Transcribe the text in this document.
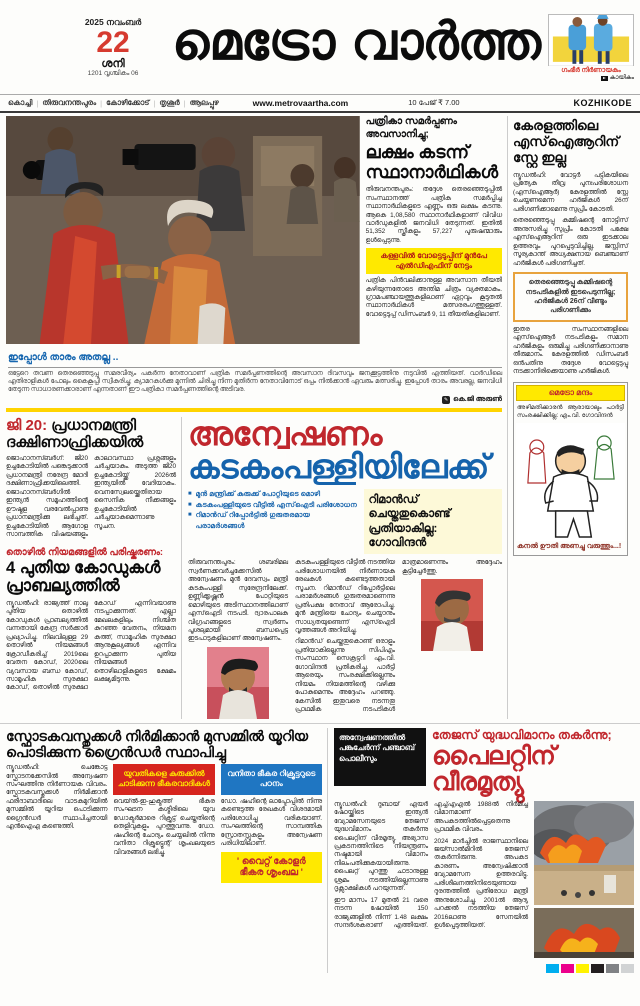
2025 നവംബർ
22
ശനി
1201 വൃശ്ചികം 06
മെട്രോ വാർത്ത	ഗംഭീർ നിർണായകം
കായികം
കൊച്ചി | തിരുവനന്തപുരം | കോഴിക്കോട് | തൃശൂർ | ആലപ്പുഴ	www.metrovaartha.com	10 പേജ് ₹ 7.00	KOZHIKODE
പത്രികാ സമർപ്പണം അവസാനിച്ചു;
ലക്ഷം കടന്ന് സ്ഥാനാർഥികൾ

തിരുവനന്തപുരം: തദ്ദേശ തെരഞ്ഞെടുപ്പിൽ സംസ്ഥാനത്ത് പത്രിക സമർപ്പിച്ച സ്ഥാനാർഥികളുടെ എണ്ണം ഒരു ലക്ഷം കടന്നു. ആകെ 1,08,580 സ്ഥാനാർഥികളാണ് വിവിധ വാർഡുകളിൽ ജനവിധി തേടുന്നത്. ഇതിൽ 51,352 സ്ത്രീകളും 57,227 പുരുഷന്മാരും ഉൾപ്പെടുന്നു.

കള്ളവിൽ വോട്ടെടുപ്പിന് മുൻപേ എൽഡിഎഫിന് നേട്ടം

പത്രിക പിൻവലിക്കാനുള്ള അവസാന തീയതി കഴിയുന്നതോടെ അന്തിമ ചിത്രം വ്യക്തമാകും. ഗ്രാമപഞ്ചായത്തുകളിലാണ് ഏറ്റവും കൂടുതൽ സ്ഥാനാർഥികൾ മത്സരരംഗത്തുള്ളത്. വോട്ടെടുപ്പ് ഡിസംബർ 9, 11 തീയതികളിലാണ്.

ഇപ്പോൾ താരം അതല്ല ..
ഒട്ടേറെ തവണ തെരഞ്ഞെടുപ്പു സമരവീര്യം പകർന്ന നേതാവാണ് പത്രിക സമർപ്പണത്തിന്റെ അവസാന ദിവസവും ജനക്കൂട്ടത്തിനു നടുവിൽ എത്തിയത്. വാർഡിലെ എതിരാളികൾ പോലും കൈകൂപ്പി സ്വീകരിച്ചു; ക്യാമറകൾക്കു മുന്നിൽ ചിരിച്ചു നിന്ന മുതിർന്ന നേതാവിനോട് ഒപ്പം നിൽക്കാൻ ഏവരും മത്സരിച്ചു. ഇപ്പോൾ താരം അവരല്ല, ജനവിധി തേടുന്ന സാധാരണക്കാരാണ് എന്നതാണ് ഈ പത്രികാ സമർപ്പണത്തിന്റെ അടിവര.
✎ കെ.ജി അരുൺ
ജി 20: പ്രധാനമന്ത്രി ദക്ഷിണാഫ്രിക്കയിൽ
ജൊഹാനസ്ബർഗ്: ജി20 ഉച്ചകോടിയിൽ പങ്കെടുക്കാൻ പ്രധാനമന്ത്രി നരേന്ദ്ര മോദി ദക്ഷിണാഫ്രിക്കയിലെത്തി. ജൊഹാനസ്ബർഗിൽ ഇന്ത്യൻ സമൂഹത്തിന്റെ ഊഷ്മള വരവേൽപ്പാണു പ്രധാനമന്ത്രിക്കു ലഭിച്ചത്. ഉച്ചകോടിയിൽ ആഗോള സാമ്പത്തിക വിഷയങ്ങളും കാലാവസ്ഥാ പ്രശ്നങ്ങളും ചർച്ചയാകും. അടുത്ത ജി20 ഉച്ചകോടിയ്ക്ക് 2026ൽ ഇന്ത്യയിൽ വേദിയാകും. വെനസ്വേലയ്ക്കെതിരായ സൈനിക നീക്കങ്ങളും ഉച്ചകോടിയിൽ ചർച്ചയാകുമെന്നാണു സൂചന.
തൊഴിൽ നിയമങ്ങളിൽ പരിഷ്കരണം:
4 പുതിയ കോഡുകൾ പ്രാബല്യത്തിൽ
ന്യൂഡൽഹി: രാജ്യത്ത് നാലു പുതിയ തൊഴിൽ കോഡുകൾ പ്രാബല്യത്തിൽ വന്നതായി കേന്ദ്ര സർക്കാർ പ്രഖ്യാപിച്ചു. നിലവിലുള്ള 29 തൊഴിൽ നിയമങ്ങൾ ക്രോഡീകരിച്ച് 2019ലെ വേതന കോഡ്, 2020ലെ വ്യവസായ ബന്ധ കോഡ്, സാമൂഹിക സുരക്ഷാ കോഡ്, തൊഴിൽ സുരക്ഷാ കോഡ് എന്നിവയാണു നടപ്പാക്കുന്നത്. എല്ലാ മേഖലകളിലും നിശ്ചിത കുറഞ്ഞ വേതനം, നിയമന കത്ത്, സാമൂഹിക സുരക്ഷാ ആനുകൂല്യങ്ങൾ എന്നിവ ഉറപ്പാക്കുന്ന പുതിയ നിയമങ്ങൾ തൊഴിലാളികളുടെ ക്ഷേമം ലക്ഷ്യമിടുന്നു.
അന്വേഷണം
കടകംപള്ളിയിലേക്ക്
■ മുൻ മന്ത്രിക്ക് കുരുക്ക് പോറ്റിയുടെ മൊഴി
■ കടകംപള്ളിയുടെ വീട്ടിൽ എസ്ഐടി പരിശോധന
■ റിമാൻഡ് റിപ്പോർട്ടിൽ ഗുരുതരമായ പരാമർശങ്ങൾ
റിമാൻഡ് ചെയ്തതുകൊണ്ട് പ്രതിയാകില്ല: ഗോവിന്ദൻ

തിരുവനന്തപുരം: ശബരിമല സ്വർണക്കവർച്ചക്കേസിൽ അന്വേഷണം മുൻ ദേവസ്വം മന്ത്രി കടകംപള്ളി സുരേന്ദ്രനിലേക്ക്. ഉണ്ണിക്കൃഷ്ണൻ പോറ്റിയുടെ മൊഴിയുടെ അടിസ്ഥാനത്തിലാണ് എസ്ഐടി നടപടി. ദ്വാരപാലക വിഗ്രഹങ്ങളുടെ സ്വർണം പൂശലുമായി ബന്ധപ്പെട്ട ഇടപാടുകളിലാണ് അന്വേഷണം.

കടകംപള്ളിയുടെ വീട്ടിൽ നടത്തിയ പരിശോധനയിൽ നിർണായക രേഖകൾ കണ്ടെടുത്തതായി സൂചന. റിമാൻഡ് റിപ്പോർട്ടിലെ പരാമർശങ്ങൾ ഗുരുതരമാണെന്നു പ്രതിപക്ഷ നേതാവ് ആരോപിച്ചു. മുൻ മന്ത്രിയെ ചോദ്യം ചെയ്യാനും സാധ്യതയുണ്ടെന്ന് എസ്ഐടി വൃത്തങ്ങൾ അറിയിച്ചു.

റിമാൻഡ് ചെയ്തതുകൊണ്ട് ഒരാളും പ്രതിയാകില്ലെന്നു സിപിഎം സംസ്ഥാന സെക്രട്ടറി എം.വി. ഗോവിന്ദൻ പ്രതികരിച്ചു. പാർട്ടി ആരെയും സംരക്ഷിക്കില്ലെന്നും നിയമം നിയമത്തിന്റെ വഴിക്കു പോകുമെന്നും അദ്ദേഹം പറഞ്ഞു. കേസിൽ ഇതുവരെ നടന്നതു പ്രാഥമിക നടപടികൾ മാത്രമാണെന്നും അദ്ദേഹം കൂട്ടിച്ചേർത്തു.

കേരളത്തിലെ എസ്ഐആറിന് സ്റ്റേ ഇല്ല

ന്യൂഡൽഹി: വോട്ടർ പട്ടികയിലെ പ്രത്യേക തീവ്ര പുനഃപരിശോധന (എസ്ഐആർ) കേരളത്തിൽ സ്റ്റേ ചെയ്യണമെന്ന ഹർജികൾ 26ന് പരിഗണിക്കാമെന്നു സുപ്രീം കോടതി.

തെരഞ്ഞെടുപ്പു കമ്മിഷന്റെ നോട്ടിസ് അനുസരിച്ചു സുപ്രീം കോടതി പക്ഷേ എസ്ഐആറിന് ഒരു ഇടക്കാല ഉത്തരവും പുറപ്പെടുവിച്ചില്ല. ജസ്റ്റിസ് സൂര്യകാന്ത് അധ്യക്ഷനായ ബെഞ്ചാണ് ഹർജികൾ പരിഗണിച്ചത്.

തെരഞ്ഞെടുപ്പു കമ്മിഷന്റെ നടപടികളിൽ ഇടപെടുന്നില്ല; ഹർജികൾ 26ന് വീണ്ടും പരിഗണിക്കും

ഇതര സംസ്ഥാനങ്ങളിലെ എസ്ഐആർ നടപടികളും സമാന ഹർജികളും ഒരുമിച്ചു പരിഗണിക്കാനാണു തീരുമാനം. കേരളത്തിൽ ഡിസംബർ ഒൻപതിനു തദ്ദേശ വോട്ടെടുപ്പു നടക്കാനിരിക്കെയാണു ഹർജികൾ.

മെട്രോ മന്ദം
അഴിമതിക്കാരൻ ആരായാലും പാർട്ടി സംരക്ഷിക്കില്ല: എം.വി. ഗോവിന്ദൻ
കനൽ ഊതി അണച്ചു വരുത്തും...!
സ്ഫോടകവസ്തുക്കൾ നിർമിക്കാൻ മുസമ്മിൽ യൂറിയ പൊടിക്കുന്ന ഗ്രൈൻഡർ സ്ഥാപിച്ചു

ന്യൂഡൽഹി: ചെങ്കോട്ട സ്ഫോടനക്കേസിൽ അന്വേഷണ സംഘത്തിനു നിർണായക വിവരം. സ്ഫോടകവസ്തുക്കൾ നിർമിക്കാൻ ഫരീദാബാദിലെ വാടകമുറിയിൽ മുസമ്മിൽ യൂറിയ പൊടിക്കുന്ന ഗ്രൈൻഡർ സ്ഥാപിച്ചതായി എൻഐഎ കണ്ടെത്തി.

യുവതികളെ കുരുക്കിൽ ചാടിക്കുന്ന ഭീകരവാദികൾ

വെയ്ൽ-ഇ-ഹുക്മത്ത് ഭീകര സംഘടന കശ്മീരിലെ യുവ ഡോക്ടർമാരെ റിക്രൂട്ട് ചെയ്തതിന്റെ തെളിവുകളും പുറത്തുവന്നു. ഡോ. ഷഹീന്റെ ചോദ്യം ചെയ്യലിൽ നിന്നു വനിതാ റിക്രൂട്ട്മെന്റ് ശൃംഖലയുടെ വിവരങ്ങൾ ലഭിച്ചു.

വനിതാ ഭീകര റിക്രൂട്ടറുടെ പഠനം

ഡോ. ഷഹീന്റെ ലാപ്ടോപ്പിൽ നിന്നു കണ്ടെടുത്ത രേഖകൾ വിശദമായി പരിശോധിച്ചു വരികയാണ്. സംഘത്തിന്റെ സാമ്പത്തിക സ്രോതസ്സുകളും അന്വേഷണ പരിധിയിലാണ്.

' വൈറ്റ് കോളർ ഭീകര ശൃംഖല '
അന്വേഷണത്തിൽ പങ്കുചേർന്ന് പഞ്ചാബ് പൊലീസും
തേജസ് യുദ്ധവിമാനം തകർന്നു;
പൈലറ്റിന് വീരമൃത്യു

ന്യൂഡൽഹി: ദുബായ് എയർ ഷോയ്ക്കിടെ ഇന്ത്യൻ വ്യോമസേനയുടെ തേജസ് യുദ്ധവിമാനം തകർന്നു പൈലറ്റിന് വീരമൃത്യു. അഭ്യാസ പ്രകടനത്തിനിടെ നിയന്ത്രണം നഷ്ടമായി വിമാനം നിലംപതിക്കുകയായിരുന്നു. പൈലറ്റ് പുറത്തു ചാടാനുള്ള ശ്രമം നടത്തിയില്ലെന്നാണു ദൃക്സാക്ഷികൾ പറയുന്നത്.

ഈ മാസം 17 മുതൽ 21 വരെ നടന്ന ഷോയിൽ 150 രാജ്യങ്ങളിൽ നിന്ന് 1.48 ലക്ഷം സന്ദർശകരാണ് എത്തിയത്. എച്ച്എഎൽ 1988ൽ നിർമിച്ച വിമാനമാണ് അപകടത്തിൽപ്പെട്ടതെന്നു പ്രാഥമിക വിവരം.

2024 മാർച്ചിൽ രാജസ്ഥാനിലെ ജയ്സാൽമീറിൽ തേജസ് തകർന്നിരുന്നു. അപകട കാരണം അന്വേഷിക്കാൻ വ്യോമസേന ഉത്തരവിട്ടു. പരിശീലനത്തിനിടെയുണ്ടായ ദുരന്തത്തിൽ പ്രതിരോധ മന്ത്രി അനുശോചിച്ചു. 2001ൽ ആദ്യ പറക്കൽ നടത്തിയ തേജസ് 2016ലാണു സേനയിൽ ഉൾപ്പെടുത്തിയത്.
